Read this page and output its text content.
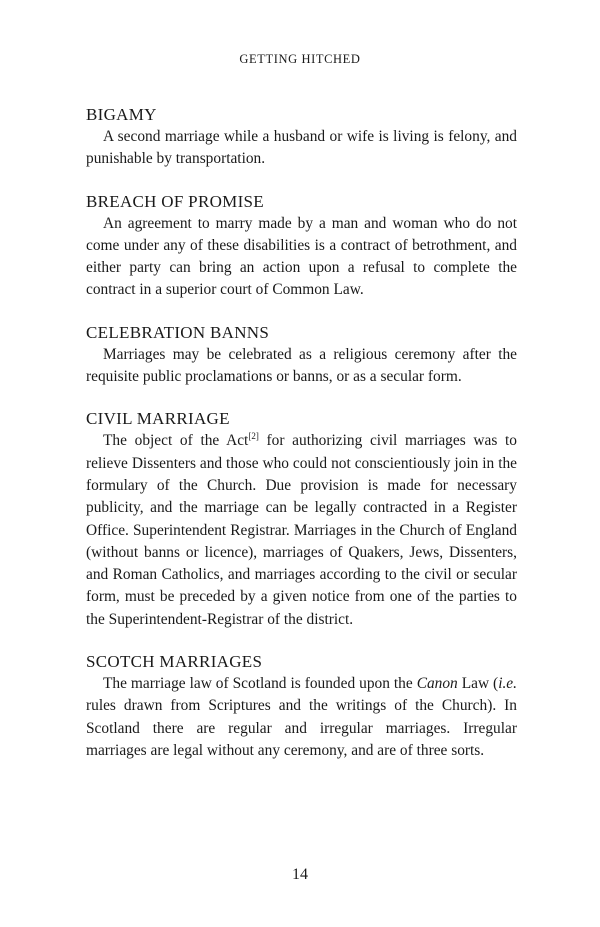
GETTING HITCHED
BIGAMY
A second marriage while a husband or wife is living is felony, and punishable by transportation.
BREACH OF PROMISE
An agreement to marry made by a man and woman who do not come under any of these disabilities is a contract of betrothment, and either party can bring an action upon a refusal to complete the contract in a superior court of Common Law.
CELEBRATION BANNS
Marriages may be celebrated as a religious ceremony after the requisite public proclamations or banns, or as a secular form.
CIVIL MARRIAGE
The object of the Act[2] for authorizing civil marriages was to relieve Dissenters and those who could not conscientiously join in the formulary of the Church. Due provision is made for necessary publicity, and the marriage can be legally contracted in a Register Office. Superintendent Registrar. Marriages in the Church of England (without banns or licence), marriages of Quakers, Jews, Dissenters, and Roman Catholics, and marriages according to the civil or secular form, must be preceded by a given notice from one of the parties to the Superintendent-Registrar of the district.
SCOTCH MARRIAGES
The marriage law of Scotland is founded upon the Canon Law (i.e. rules drawn from Scriptures and the writings of the Church). In Scotland there are regular and irregular marriages. Irregular marriages are legal without any ceremony, and are of three sorts.
14
